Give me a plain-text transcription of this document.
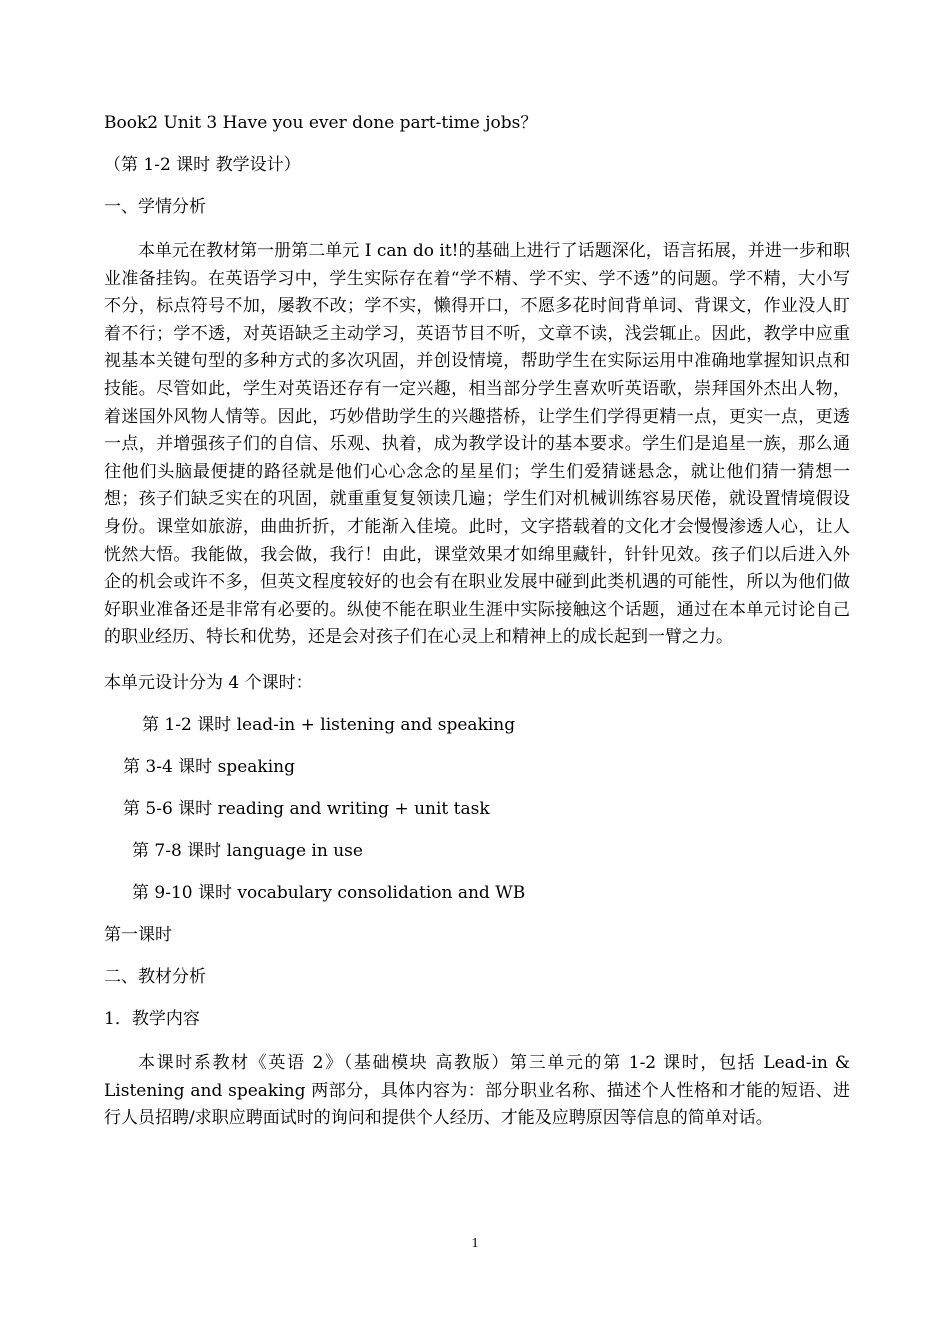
Book2 Unit 3 Have you ever done part-time jobs？

（第 1-2 课时 教学设计）

一、学情分析

本单元在教材第一册第二单元 I can do it!的基础上进行了话题深化，语言拓展，并进一步和职业准备挂钩。在英语学习中，学生实际存在着“学不精、学不实、学不透”的问题。学不精，大小写不分，标点符号不加，屡教不改；学不实，懒得开口，不愿多花时间背单词、背课文，作业没人盯着不行；学不透，对英语缺乏主动学习，英语节目不听，文章不读，浅尝辄止。因此，教学中应重视基本关键句型的多种方式的多次巩固，并创设情境，帮助学生在实际运用中准确地掌握知识点和技能。尽管如此，学生对英语还存有一定兴趣，相当部分学生喜欢听英语歌，崇拜国外杰出人物，着迷国外风物人情等。因此，巧妙借助学生的兴趣搭桥，让学生们学得更精一点，更实一点，更透一点，并增强孩子们的自信、乐观、执着，成为教学设计的基本要求。学生们是追星一族，那么通往他们头脑最便捷的路径就是他们心心念念的星星们；学生们爱猜谜悬念，就让他们猜一猜想一想；孩子们缺乏实在的巩固，就重重复复领读几遍；学生们对机械训练容易厌倦，就设置情境假设身份。课堂如旅游，曲曲折折，才能渐入佳境。此时，文字搭载着的文化才会慢慢渗透人心，让人恍然大悟。我能做，我会做，我行！由此，课堂效果才如绵里藏针，针针见效。孩子们以后进入外企的机会或许不多，但英文程度较好的也会有在职业发展中碰到此类机遇的可能性，所以为他们做好职业准备还是非常有必要的。纵使不能在职业生涯中实际接触这个话题，通过在本单元讨论自己的职业经历、特长和优势，还是会对孩子们在心灵上和精神上的成长起到一臂之力。

本单元设计分为 4 个课时：

第 1-2 课时 lead-in + listening and speaking

第 3-4 课时 speaking

第 5-6 课时 reading and writing + unit task

第 7-8 课时 language in use

第 9-10 课时 vocabulary consolidation and WB

第一课时

二、教材分析

1．教学内容

本课时系教材《英语 2》（基础模块 高教版）第三单元的第 1-2 课时，包括 Lead-in & Listening and speaking 两部分，具体内容为：部分职业名称、描述个人性格和才能的短语、进行人员招聘/求职应聘面试时的询问和提供个人经历、才能及应聘原因等信息的简单对话。

1
